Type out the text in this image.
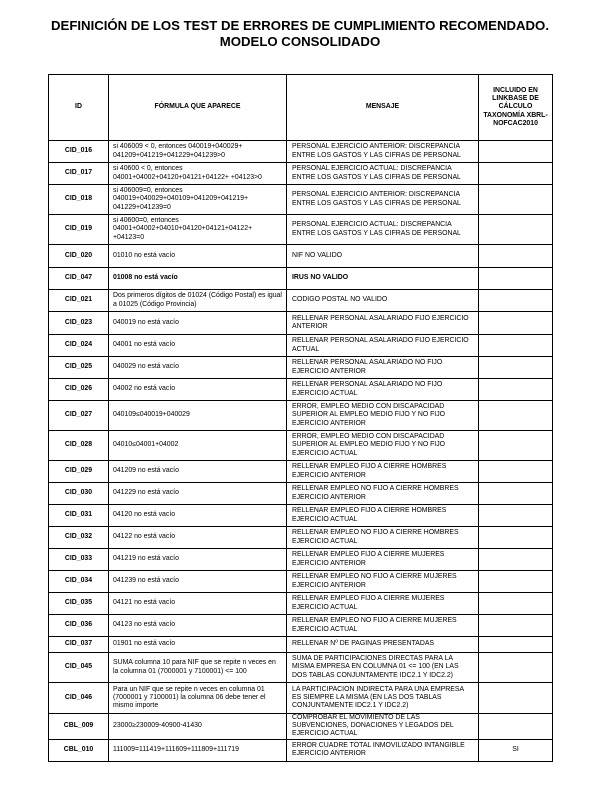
DEFINICIÓN DE LOS TEST DE ERRORES DE CUMPLIMIENTO RECOMENDADO.
MODELO CONSOLIDADO
ID	FÓRMULA QUE APARECE	MENSAJE	INCLUIDO EN LINKBASE DE CÁLCULO TAXONOMÍA XBRL-NOFCAC2010
CID_016	si 406009 < 0, entonces 040019+040029+ 041209+041219+041229+041239>0	PERSONAL EJERCICIO ANTERIOR: DISCREPANCIA ENTRE LOS GASTOS Y LAS CIFRAS DE PERSONAL	
CID_017	si 40600 < 0, entonces 04001+04002+04120+04121+04122+ +04123>0	PERSONAL EJERCICIO ACTUAL: DISCREPANCIA ENTRE LOS GASTOS Y LAS CIFRAS DE PERSONAL	
CID_018	si 406009=0, entonces 040019+040029+040109+041209+041219+ 041229+041239=0	PERSONAL EJERCICIO ANTERIOR: DISCREPANCIA ENTRE LOS GASTOS Y LAS CIFRAS DE PERSONAL	
CID_019	si 40600=0, entonces 04001+04002+04010+04120+04121+04122+ +04123=0	PERSONAL EJERCICIO ACTUAL: DISCREPANCIA ENTRE LOS GASTOS Y LAS CIFRAS DE PERSONAL	
CID_020	01010 no está vacío	NIF NO VALIDO	
CID_047	01008 no está vacío	IRUS NO VALIDO	
CID_021	Dos primeros dígitos de 01024 (Código Postal) es igual a 01025 (Código Provincia)	CODIGO POSTAL NO VALIDO	
CID_023	040019 no está vacío	RELLENAR PERSONAL ASALARIADO FIJO EJERCICIO ANTERIOR	
CID_024	04001 no está vacío	RELLENAR PERSONAL ASALARIADO FIJO EJERCICIO ACTUAL	
CID_025	040029 no está vacío	RELLENAR PERSONAL ASALARIADO NO FIJO EJERCICIO ANTERIOR	
CID_026	04002 no está vacío	RELLENAR PERSONAL ASALARIADO NO FIJO EJERCICIO ACTUAL	
CID_027	040109≤040019+040029	ERROR, EMPLEO MEDIO CON DISCAPACIDAD SUPERIOR AL EMPLEO MEDIO FIJO Y NO FIJO EJERCICIO ANTERIOR	
CID_028	04010≤04001+04002	ERROR, EMPLEO MEDIO CON DISCAPACIDAD SUPERIOR AL EMPLEO MEDIO FIJO Y NO FIJO EJERCICIO ACTUAL	
CID_029	041209 no está vacío	RELLENAR EMPLEO FIJO A CIERRE HOMBRES EJERCICIO ANTERIOR	
CID_030	041229 no está vacío	RELLENAR EMPLEO NO FIJO A CIERRE HOMBRES EJERCICIO ANTERIOR	
CID_031	04120 no está vacío	RELLENAR EMPLEO FIJO A CIERRE HOMBRES EJERCICIO ACTUAL	
CID_032	04122 no está vacío	RELLENAR EMPLEO NO FIJO A CIERRE HOMBRES EJERCICIO ACTUAL	
CID_033	041219 no está vacío	RELLENAR EMPLEO FIJO A CIERRE MUJERES EJERCICIO ANTERIOR	
CID_034	041239 no está vacío	RELLENAR EMPLEO NO FIJO A CIERRE MUJERES EJERCICIO ANTERIOR	
CID_035	04121 no está vacío	RELLENAR EMPLEO FIJO A CIERRE MUJERES EJERCICIO ACTUAL	
CID_036	04123 no está vacío	RELLENAR EMPLEO NO FIJO A CIERRE MUJERES EJERCICIO ACTUAL	
CID_037	01901 no está vacío	RELLENAR Nº DE PAGINAS PRESENTADAS	
CID_045	SUMA columna 10 para NIF que se repite n veces en la columna 01 (7000001 y 7100001) <= 100	SUMA DE PARTICIPACIONES DIRECTAS PARA LA MISMA EMPRESA EN COLUMNA 01 <= 100 (EN LAS DOS TABLAS CONJUNTAMENTE IDC2.1 Y IDC2.2)	
CID_046	Para un NIF que se repite n veces en columna 01 (7000001 y 7100001) la columna 06 debe tener el mismo importe	LA PARTICIPACION INDIRECTA PARA UNA EMPRESA ES SIEMPRE LA MISMA (EN LAS DOS TABLAS CONJUNTAMENTE IDC2.1 Y IDC2.2)	
CBL_009	23000≥230009-40900-41430	COMPROBAR EL MOVIMIENTO DE LAS SUBVENCIONES, DONACIONES Y LEGADOS DEL EJERCICIO ACTUAL	
CBL_010	111009=111419+111609+111809+111719	ERROR CUADRE TOTAL INMOVILIZADO INTANGIBLE EJERCICIO ANTERIOR	SI
